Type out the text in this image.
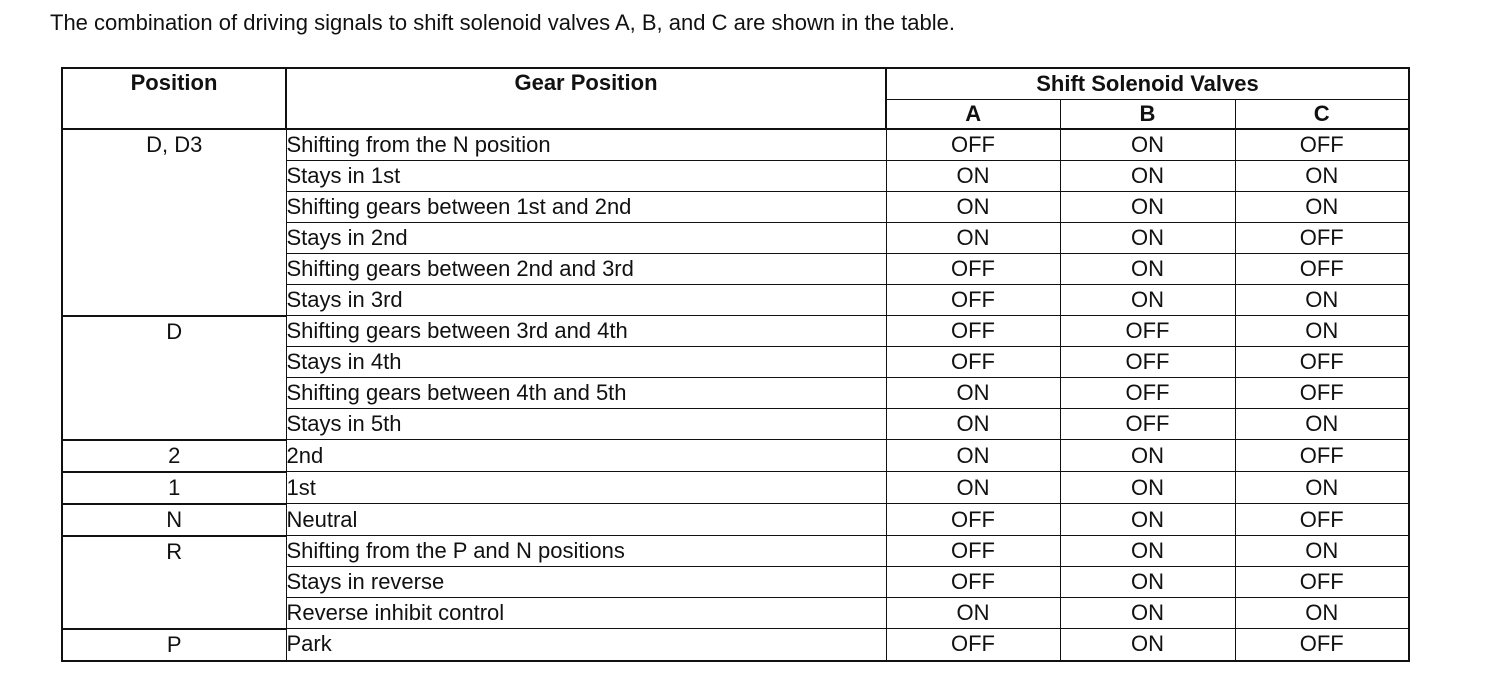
The combination of driving signals to shift solenoid valves A, B, and C are shown in the table.
Position	Gear Position	Shift Solenoid Valves		
		A	B	C
D, D3	Shifting from the N position	OFF	ON	OFF
	Stays in 1st	ON	ON	ON
	Shifting gears between 1st and 2nd	ON	ON	ON
	Stays in 2nd	ON	ON	OFF
	Shifting gears between 2nd and 3rd	OFF	ON	OFF
	Stays in 3rd	OFF	ON	ON
D	Shifting gears between 3rd and 4th	OFF	OFF	ON
	Stays in 4th	OFF	OFF	OFF
	Shifting gears between 4th and 5th	ON	OFF	OFF
	Stays in 5th	ON	OFF	ON
2	2nd	ON	ON	OFF
1	1st	ON	ON	ON
N	Neutral	OFF	ON	OFF
R	Shifting from the P and N positions	OFF	ON	ON
	Stays in reverse	OFF	ON	OFF
	Reverse inhibit control	ON	ON	ON
P	Park	OFF	ON	OFF
